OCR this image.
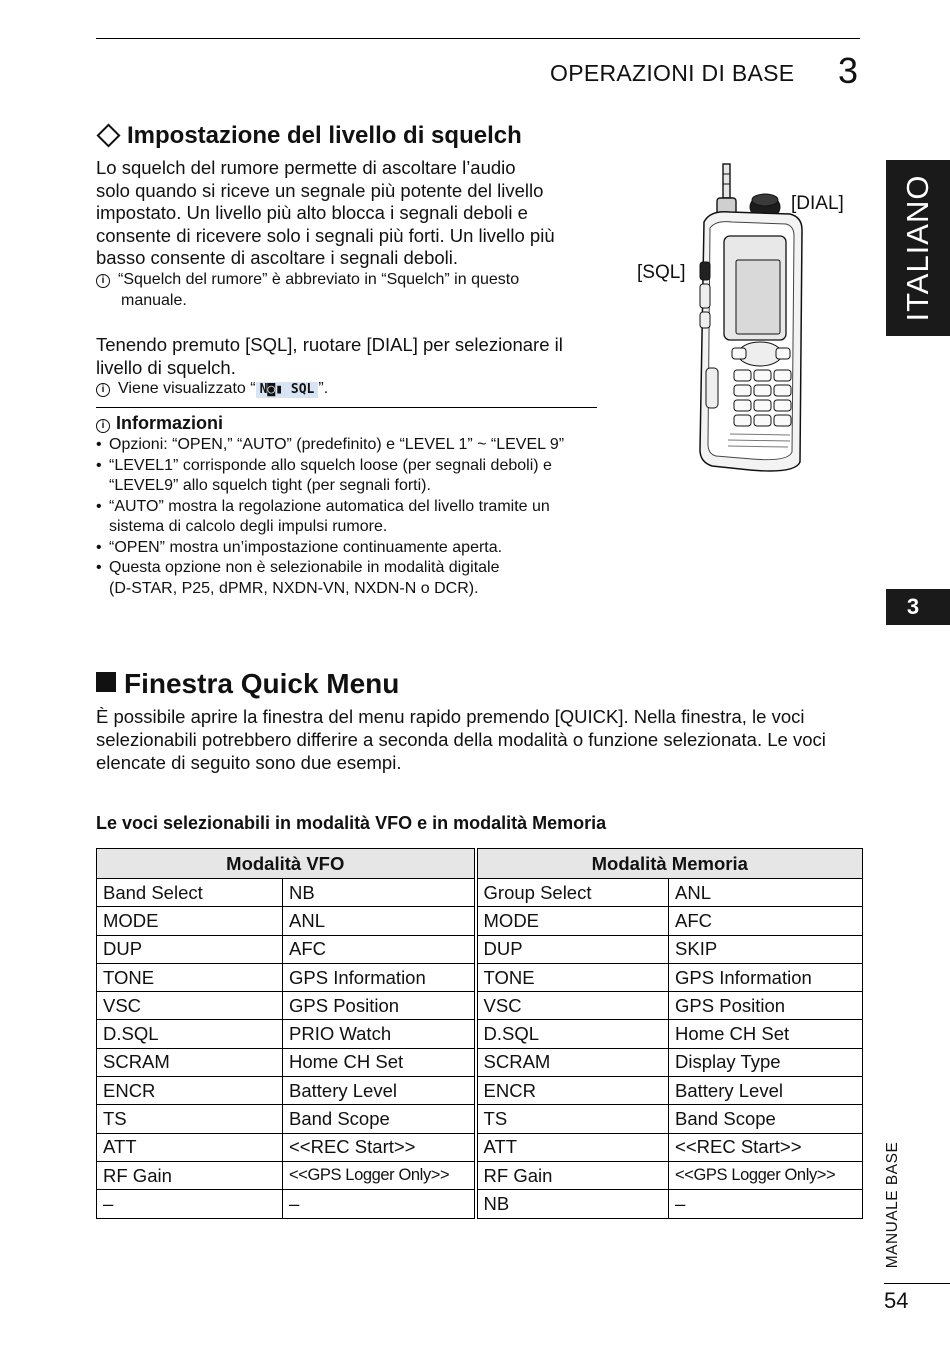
OPERAZIONI DI BASE 3
ITALIANO
3
Impostazione del livello di squelch
Lo squelch del rumore permette di ascoltare l’audio
solo quando si riceve un segnale più potente del livello
impostato. Un livello più alto blocca i segnali deboli e
consente di ricevere solo i segnali più forti. Un livello più
basso consente di ascoltare i segnali deboli.
i “Squelch del rumore” è abbreviato in “Squelch” in questo
manuale.
Tenendo premuto [SQL], ruotare [DIAL] per selezionare il
livello di squelch.
i Viene visualizzato “ N◙▮ SQL ”.
i Informazioni
• Opzioni: “OPEN,” “AUTO” (predefinito) e “LEVEL 1” ~ “LEVEL 9”
• “LEVEL1” corrisponde allo squelch loose (per segnali deboli) e
“LEVEL9” allo squelch tight (per segnali forti).
• “AUTO” mostra la regolazione automatica del livello tramite un
sistema di calcolo degli impulsi rumore.
• “OPEN” mostra un’impostazione continuamente aperta.
• Questa opzione non è selezionabile in modalità digitale
(D-STAR, P25, dPMR, NXDN-VN, NXDN-N o DCR).
[DIAL]
[SQL]
Finestra Quick Menu
È possibile aprire la finestra del menu rapido premendo [QUICK]. Nella finestra, le voci
selezionabili potrebbero differire a seconda della modalità o funzione selezionata. Le voci
elencate di seguito sono due esempi.
Le voci selezionabili in modalità VFO e in modalità Memoria
Modalità VFO		Modalità Memoria	
Band Select	NB	Group Select	ANL
MODE	ANL	MODE	AFC
DUP	AFC	DUP	SKIP
TONE	GPS Information	TONE	GPS Information
VSC	GPS Position	VSC	GPS Position
D.SQL	PRIO Watch	D.SQL	Home CH Set
SCRAM	Home CH Set	SCRAM	Display Type
ENCR	Battery Level	ENCR	Battery Level
TS	Band Scope	TS	Band Scope
ATT	<<REC Start>>	ATT	<<REC Start>>
RF Gain	<<GPS Logger Only>>	RF Gain	<<GPS Logger Only>>
–	–	NB	–	MANUALE BASE
54
